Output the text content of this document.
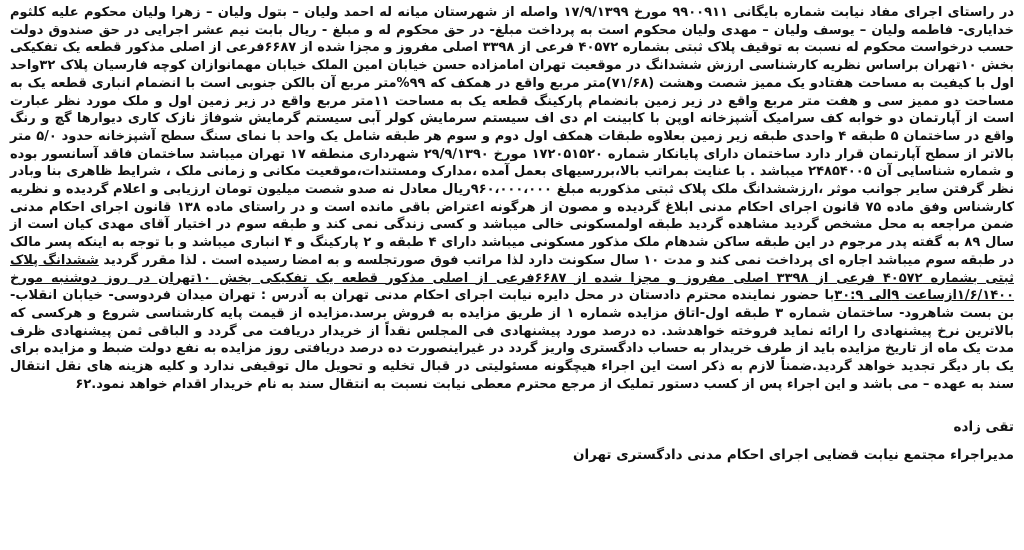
در راستای اجرای مفاد نیابت شماره بایگانی ۹۹۰۰۹۱۱ مورخ ۱۷/۹/۱۳۹۹ واصله از شهرستان میانه له احمد ولیان – بتول ولیان – زهرا ولیان محکوم علیه کلثوم خدایاری- فاطمه ولیان – یوسف ولیان – مهدی ولیان محکوم است به پرداخت مبلغ- در حق محکوم له و مبلغ - ریال بابت نیم عشر اجرایی در حق صندوق دولت حسب درخواست محکوم له نسبت به توقیف پلاک ثبتی بشماره ۴۰۵۷۲ فرعی از ۳۳۹۸ اصلی مفروز و مجزا شده از ۶۶۸۷فرعی از اصلی مذکور قطعه یک تفکیکی بخش ۱۰تهران براساس نظریه کارشناسی ارزش ششدانگ در موقعیت تهران امامزاده حسن خیابان امین الملک خیابان مهمانوازان کوچه فارسیان پلاک ۳۲واحد اول با کیفیت به مساحت هفتادو یک ممیز شصت وهشت (۷۱/۶۸)متر مربع واقع در همکف که ۹۹%متر مربع آن بالکن جنوبی است با انضمام انباری قطعه یک به مساحت دو ممیز سی و هفت متر مربع واقع در زیر زمین بانضمام پارکینگ قطعه یک به مساحت ۱۱متر مربع واقع در زیر زمین اول و ملک مورد نظر عبارت است از آپارتمان دو خوابه کف سرامیک آشپزخانه اوپن با کابینت ام دی اف سیستم سرمایش کولر آبی سیستم گرمایش شوفاژ نازک کاری دیوارها گچ و رنگ واقع در ساختمان ۵ طبقه ۴ واحدی طبقه زیر زمین بعلاوه طبقات همکف اول دوم و سوم هر طبقه شامل یک واحد با نمای سنگ سطح آشپزخانه حدود ۵/۰ متر بالاتر از سطح آپارتمان قرار دارد ساختمان دارای پایانکار شماره ۱۷۲۰۵۱۵۲۰ مورخ ۲۹/۹/۱۳۹۰ شهرداری منطقه ۱۷ تهران میباشد ساختمان فاقد آسانسور بوده و شماره شناسایی آن ۲۴۸۵۴۰۰۵ میباشد . با عنایت بمراتب بالا،بررسیهای بعمل آمده ،مدارک ومستندات،موقعیت مکانی و زمانی ملک ، شرایط ظاهری بنا وبادر نظر گرفتن سایر جوانب موثر ،ارزششدانگ ملک پلاک ثبتی مذکوربه مبلغ ۹۶۰،۰۰۰،۰۰۰ریال معادل نه صدو شصت میلیون تومان ارزیابی و اعلام گردیده و نظریه کارشناس وفق ماده ۷۵ قانون اجرای احکام مدنی ابلاغ گردیده و مصون از هرگونه اعتراض باقی مانده است و در راستای ماده ۱۳۸ قانون اجرای احکام مدنی ضمن مراجعه به محل مشخص گردید مشاهده گردید طبقه اولمسکونی خالی میباشد و کسی زندگی نمی کند و طبقه سوم در اختیار آقای مهدی کیان است از سال ۸۹ به گفته پدر مرجوم در این طبقه ساکن شدهام ملک مذکور مسکونی میباشد دارای ۴ طبقه و ۲ پارکینگ و ۴ انباری میباشد و با توجه به اینکه پسر مالک در طبقه سوم میباشد اجاره ای پرداخت نمی کند و مدت ۱۰ سال سکونت دارد لذا مراتب فوق صورتجلسه و به امضا رسیده است . لذا مقرر گردید ششدانگ پلاک ثبتی بشماره ۴۰۵۷۲ فرعی از ۳۳۹۸ اصلی مفروز و مجزا شده از ۶۶۸۷فرعی از اصلی مذکور قطعه یک تفکیکی بخش ۱۰تهران در روز دوشنبه مورخ ۱/۶/۱۴۰۰ازساعت ۹الی ۳۰:۹با حضور نماینده محترم دادستان در محل دایره نیابت اجرای احکام مدنی تهران به آدرس : تهران میدان فردوسی- خیابان انقلاب- بن بست شاهرود- ساختمان شماره ۳ طبقه اول-اتاق مزایده شماره ۱ از طریق مزایده به فروش برسد.مزایده از قیمت پایه کارشناسی شروع و هرکسی که بالاترین نرخ پیشنهادی را ارائه نماید فروخته خواهدشد. ده درصد مورد پیشنهادی فی المجلس نقداً از خریدار دریافت می گردد و الباقی ثمن پیشنهادی ظرف مدت یک ماه از تاریخ مزایده باید از طرف خریدار به حساب دادگستری واریز گردد در غیراینصورت ده درصد دریافتی روز مزایده به نفع دولت ضبط و مزایده برای یک بار دیگر تجدید خواهد گردید.ضمناً لازم به ذکر است این اجراء هیچگونه مسئولیتی در قبال تخلیه و تحویل مال توقیفی ندارد و کلیه هزینه های نقل انتقال سند به عهده – می باشد و این اجراء پس از کسب دستور تملیک از مرجع محترم معطی نیابت نسبت به انتقال سند به نام خریدار اقدام خواهد نمود.۶۲

تقی زاده
مدیراجراء مجتمع نیابت قضایی اجرای احکام مدنی دادگستری تهران
